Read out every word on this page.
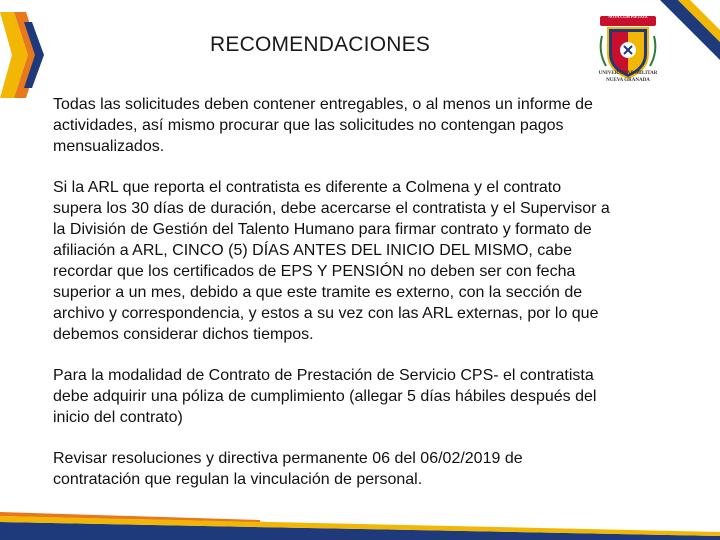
NOVA CUM PIETATE
UNIVERSIDAD MILITAR
NUEVA GRANADA
RECOMENDACIONES

Todas las solicitudes deben contener entregables, o al menos un informe de
actividades, así mismo procurar que las solicitudes no contengan pagos
mensualizados.

Si la ARL que reporta el contratista es diferente a Colmena y el contrato
supera los 30 días de duración, debe acercarse el contratista y el Supervisor a
la División de Gestión del Talento Humano para firmar contrato y formato de
afiliación a ARL, CINCO (5) DÍAS ANTES DEL INICIO DEL MISMO, cabe
recordar que los certificados de EPS Y PENSIÓN no deben ser con fecha
superior a un mes, debido a que este tramite es externo, con la sección de
archivo y correspondencia, y estos a su vez con las ARL externas, por lo que
debemos considerar dichos tiempos.

Para la modalidad de Contrato de Prestación de Servicio CPS- el contratista
debe adquirir una póliza de cumplimiento (allegar 5 días hábiles después del
inicio del contrato)

Revisar resoluciones y directiva permanente 06 del 06/02/2019 de
contratación que regulan la vinculación de personal.
